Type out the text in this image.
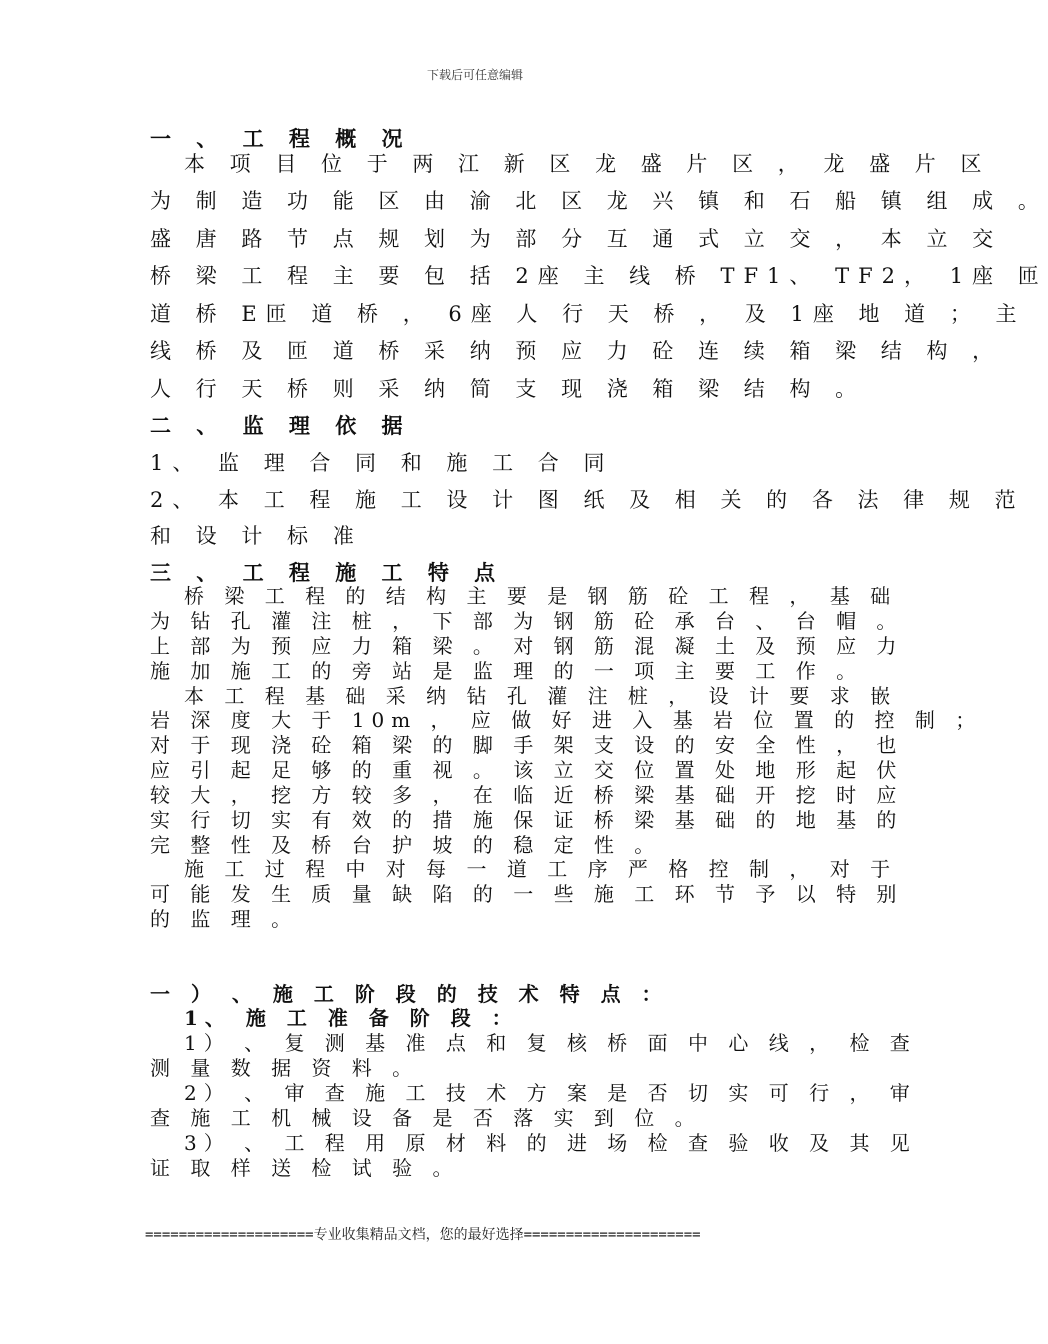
下载后可任意编辑
一 、 工 程 概 况
本 项 目 位 于 两 江 新 区 龙 盛 片 区 ， 龙 盛 片 区
为 制 造 功 能 区 由 渝 北 区 龙 兴 镇 和 石 船 镇 组 成 。
盛 唐 路 节 点 规 划 为 部 分 互 通 式 立 交 ， 本 立 交
桥 梁 工 程 主 要 包 括 2座 主 线 桥 TF1、 TF2， 1座 匝
道 桥 E匝 道 桥 ， 6座 人 行 天 桥 ， 及 1座 地 道 ； 主
线 桥 及 匝 道 桥 采 纳 预 应 力 砼 连 续 箱 梁 结 构 ，
人 行 天 桥 则 采 纳 简 支 现 浇 箱 梁 结 构 。
二 、 监 理 依 据
1、 监 理 合 同 和 施 工 合 同
2、 本 工 程 施 工 设 计 图 纸 及 相 关 的 各 法 律 规 范
和 设 计 标 准
三 、 工 程 施 工 特 点
桥 梁 工 程 的 结 构 主 要 是 钢 筋 砼 工 程 ， 基 础
为 钻 孔 灌 注 桩 ， 下 部 为 钢 筋 砼 承 台 、 台 帽 。
上 部 为 预 应 力 箱 梁 。 对 钢 筋 混 凝 土 及 预 应 力
施 加 施 工 的 旁 站 是 监 理 的 一 项 主 要 工 作 。
本 工 程 基 础 采 纳 钻 孔 灌 注 桩 ， 设 计 要 求 嵌
岩 深 度 大 于 10m ， 应 做 好 进 入 基 岩 位 置 的 控 制 ；
对 于 现 浇 砼 箱 梁 的 脚 手 架 支 设 的 安 全 性 ， 也
应 引 起 足 够 的 重 视 。 该 立 交 位 置 处 地 形 起 伏
较 大 ， 挖 方 较 多 ， 在 临 近 桥 梁 基 础 开 挖 时 应
实 行 切 实 有 效 的 措 施 保 证 桥 梁 基 础 的 地 基 的
完 整 性 及 桥 台 护 坡 的 稳 定 性 。
施 工 过 程 中 对 每 一 道 工 序 严 格 控 制 ， 对 于
可 能 发 生 质 量 缺 陷 的 一 些 施 工 环 节 予 以 特 别
的 监 理 。
一 ） 、 施 工 阶 段 的 技 术 特 点 ：
1、 施 工 准 备 阶 段 ：
1） 、 复 测 基 准 点 和 复 核 桥 面 中 心 线 ， 检 查
测 量 数 据 资 料 。
2） 、 审 查 施 工 技 术 方 案 是 否 切 实 可 行 ， 审
查 施 工 机 械 设 备 是 否 落 实 到 位 。
3） 、 工 程 用 原 材 料 的 进 场 检 查 验 收 及 其 见
证 取 样 送 检 试 验 。
====================专业收集精品文档，您的最好选择=====================
